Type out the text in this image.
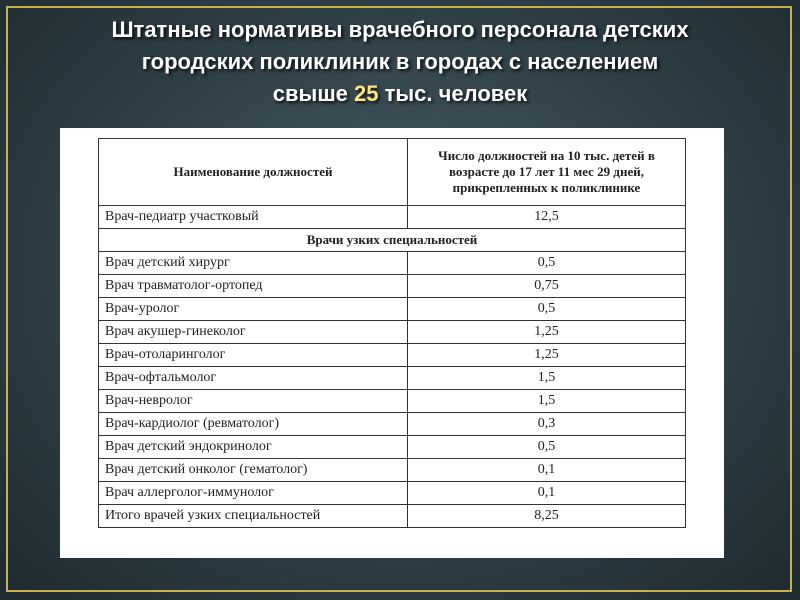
Штатные нормативы врачебного персонала детских
городских поликлиник в городах с населением
свыше 25 тыс. человек
Наименование должностей	Число должностей на 10 тыс. детей в возрасте до 17 лет 11 мес 29 дней, прикрепленных к поликлинике
Врач-педиатр участковый	12,5
Врачи узких специальностей	
Врач детский хирург	0,5
Врач травматолог-ортопед	0,75
Врач-уролог	0,5
Врач акушер-гинеколог	1,25
Врач-отоларинголог	1,25
Врач-офтальмолог	1,5
Врач-невролог	1,5
Врач-кардиолог (ревматолог)	0,3
Врач детский эндокринолог	0,5
Врач детский онколог (гематолог)	0,1
Врач аллерголог-иммунолог	0,1
Итого врачей узких специальностей	8,25
